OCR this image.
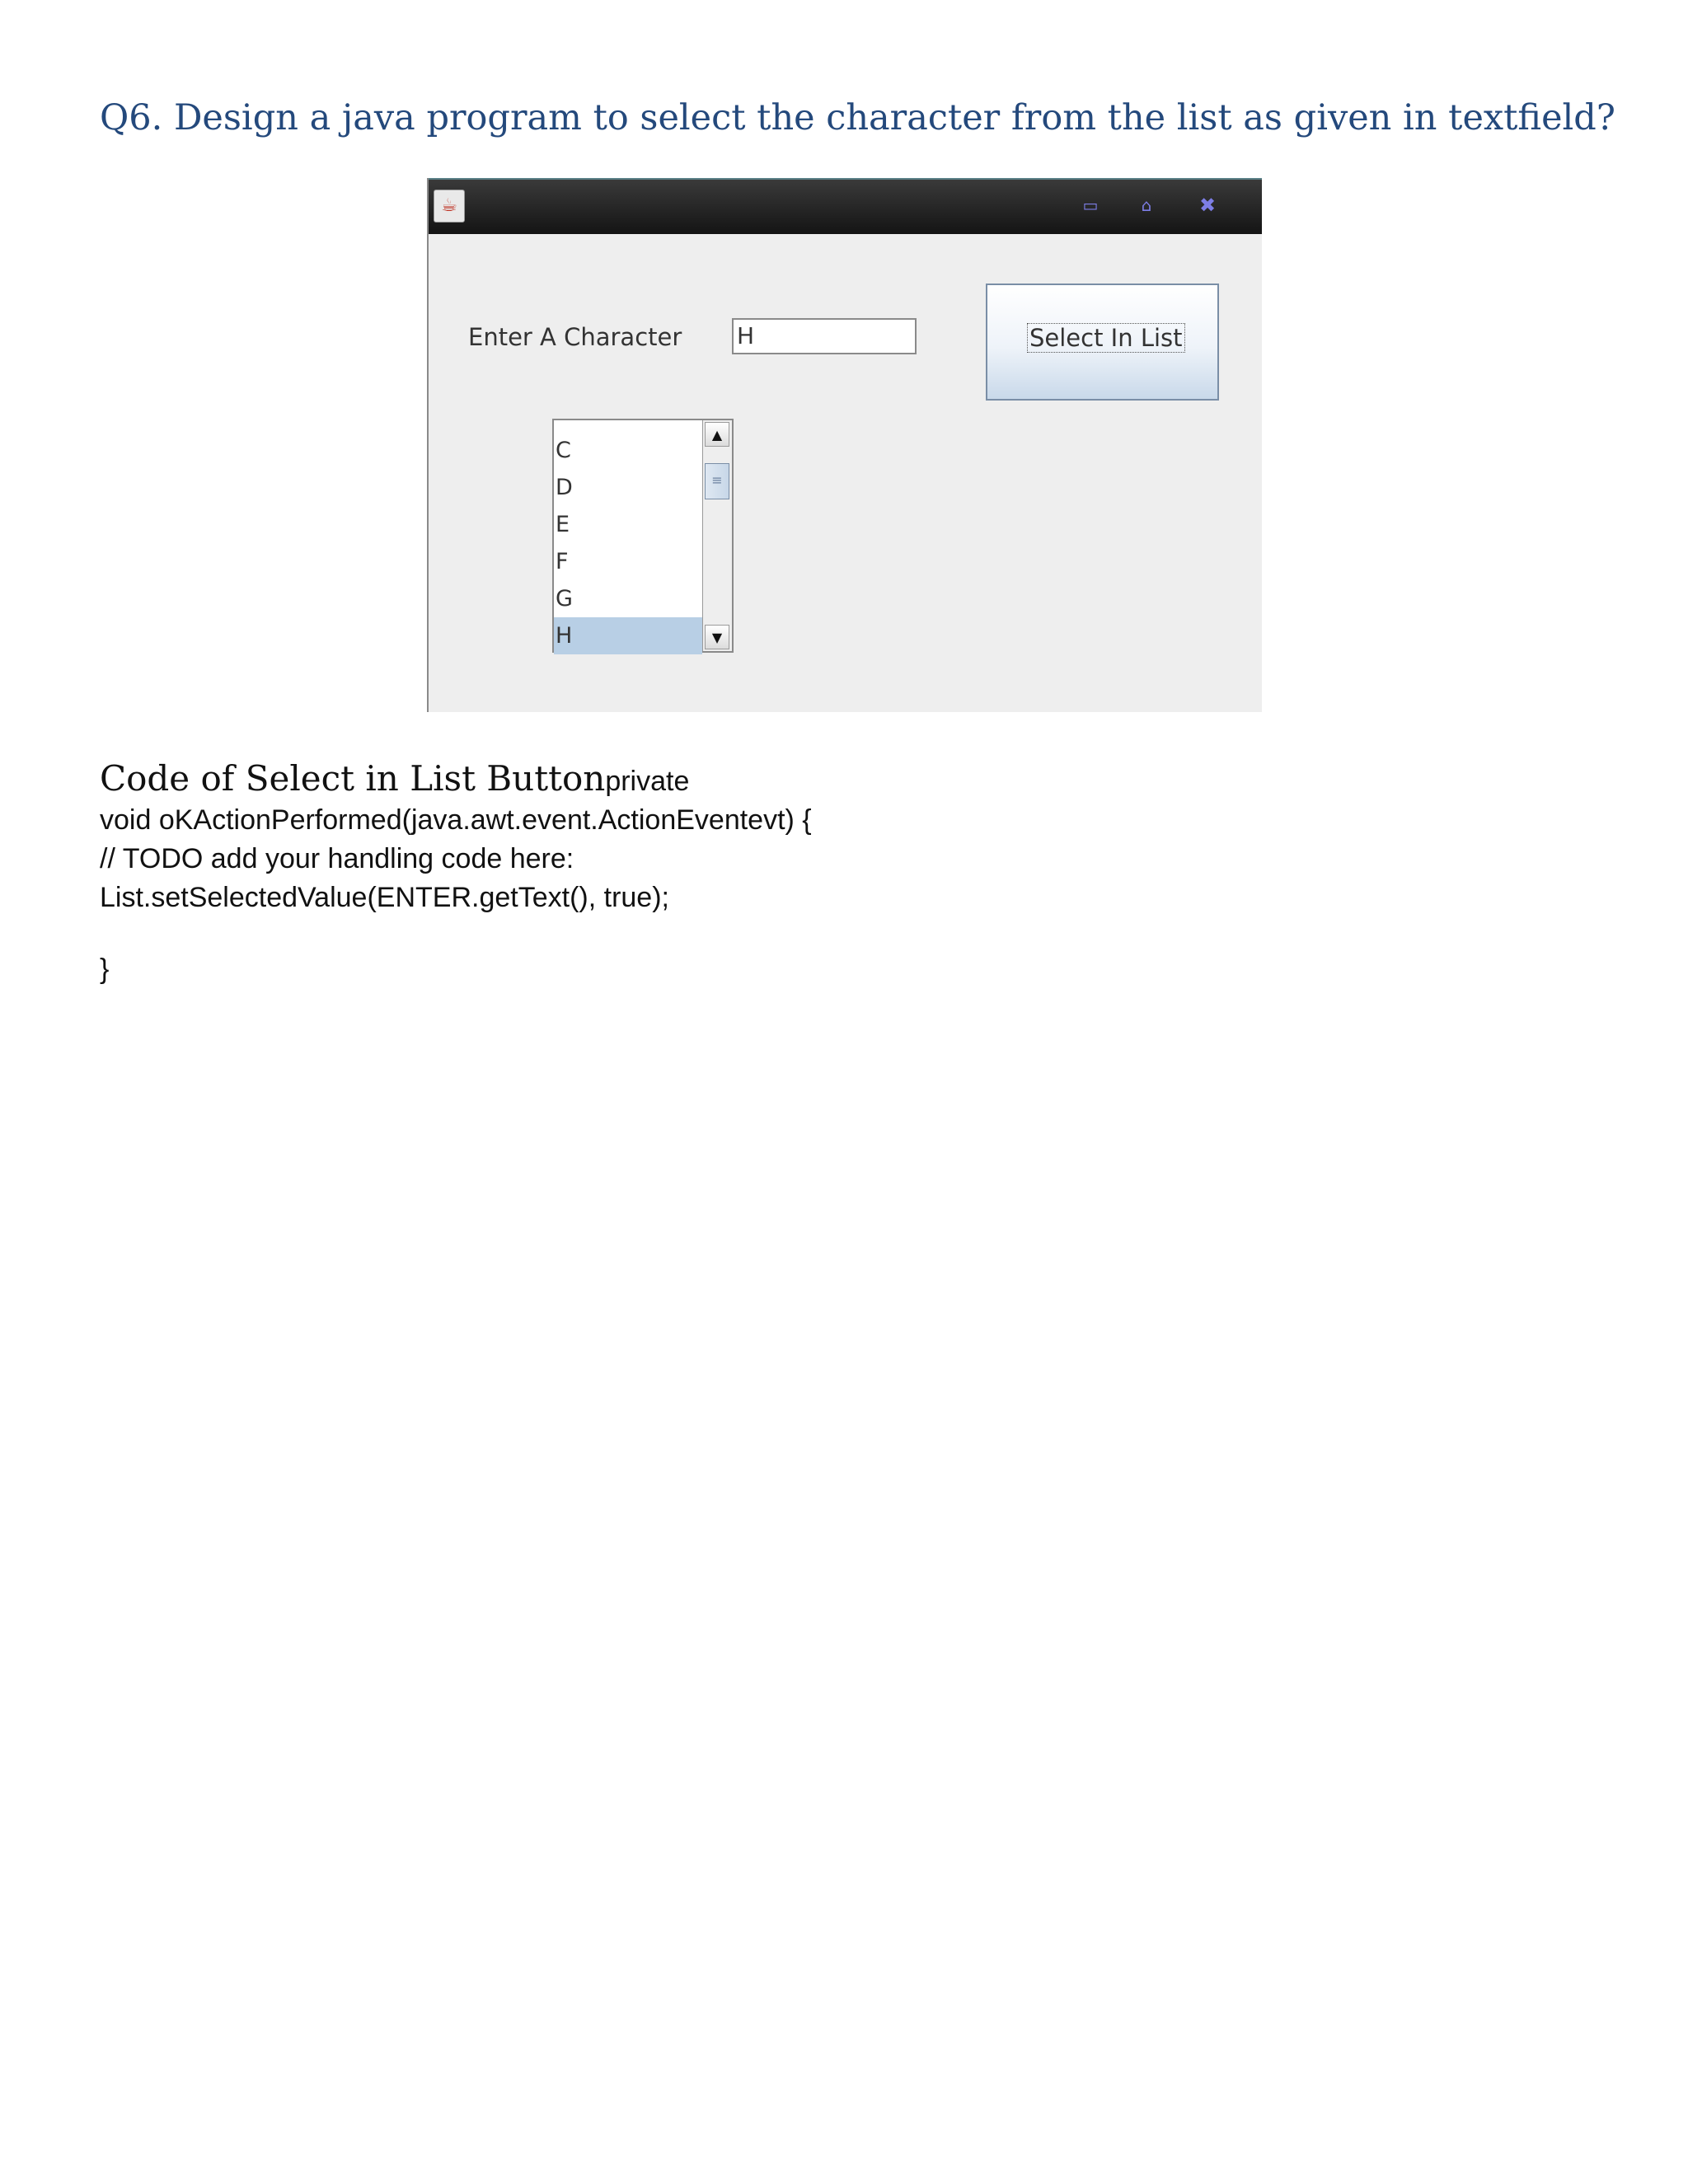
Q6. Design a java program to select the character from the list as given in textfield?
☕	▭	⌂	✖
Enter A Character H	Select In List
C
D
E
F
G
H
▲
≡
▼
Code of Select in List Buttonprivate
void oKActionPerformed(java.awt.event.ActionEventevt) {
// TODO add your handling code here:
List.setSelectedValue(ENTER.getText(), true);
}
